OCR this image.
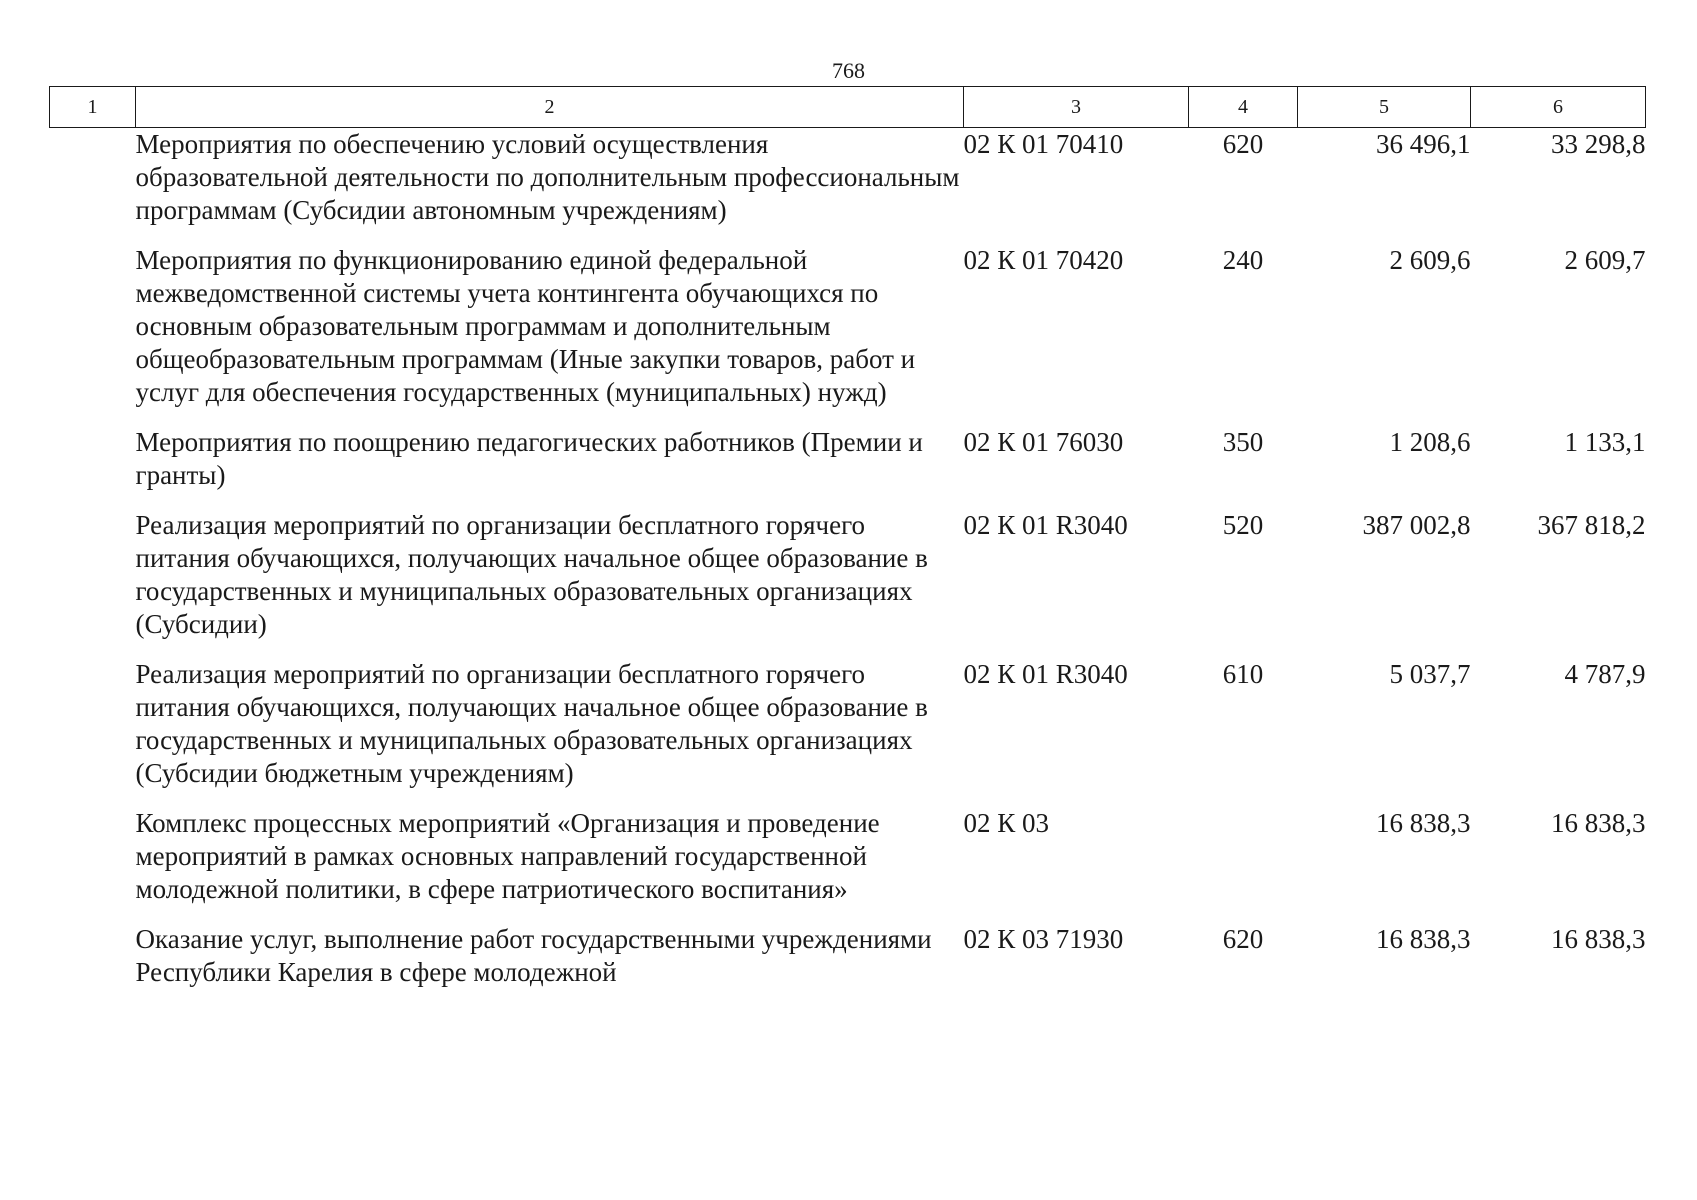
768
1	2	3	4	5	6
	Мероприятия по обеспечению условий осуществления образовательной деятельности по дополнительным профессиональным программам (Субсидии автономным учреждениям)	02 К 01 70410	620	36 496,1	33 298,8
	Мероприятия по функционированию единой федеральной межведомственной системы учета контингента обучающихся по основным образовательным программам и дополнительным общеобразовательным программам (Иные закупки товаров, работ и услуг для обеспечения государственных (муниципальных) нужд)	02 К 01 70420	240	2 609,6	2 609,7
	Мероприятия по поощрению педагогических работников (Премии и гранты)	02 К 01 76030	350	1 208,6	1 133,1
	Реализация мероприятий по организации бесплатного горячего питания обучающихся, получающих начальное общее образование в государственных и муниципальных образовательных организациях (Субсидии)	02 К 01 R3040	520	387 002,8	367 818,2
	Реализация мероприятий по организации бесплатного горячего питания обучающихся, получающих начальное общее образование в государственных и муниципальных образовательных организациях (Субсидии бюджетным учреждениям)	02 К 01 R3040	610	5 037,7	4 787,9
	Комплекс процессных мероприятий «Организация и проведение мероприятий в рамках основных направлений государственной молодежной политики, в сфере патриотического воспитания»	02 К 03		16 838,3	16 838,3
	Оказание услуг, выполнение работ государственными учреждениями Республики Карелия в сфере молодежной	02 К 03 71930	620	16 838,3	16 838,3
